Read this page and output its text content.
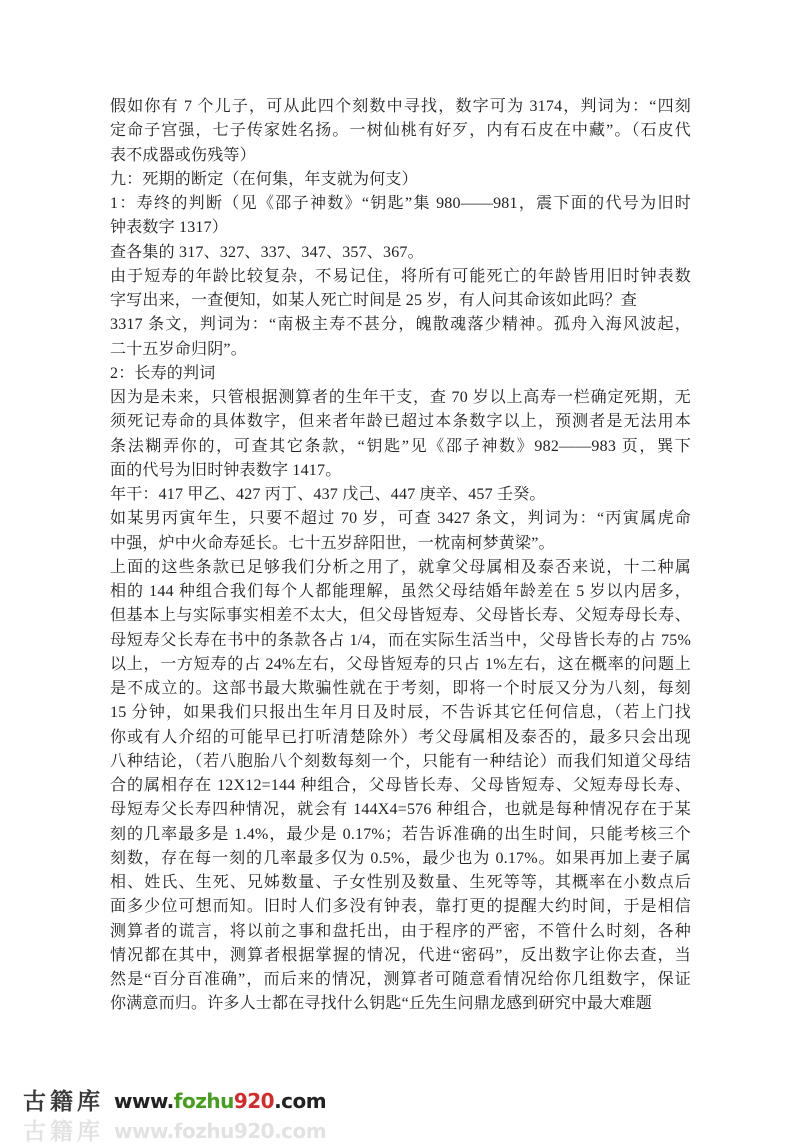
假如你有 7 个儿子，可从此四个刻数中寻找，数字可为 3174，判词为：“四刻
定命子宫强，七子传家姓名扬。一树仙桃有好歹，内有石皮在中藏”。（石皮代
表不成器或伤残等）
九：死期的断定（在何集，年支就为何支）
1：寿终的判断（见《邵子神数》“钥匙”集 980——981，震下面的代号为旧时
钟表数字 1317）
查各集的 317、327、337、347、357、367。
由于短寿的年龄比较复杂，不易记住，将所有可能死亡的年龄皆用旧时钟表数
字写出来，一查便知，如某人死亡时间是 25 岁，有人问其命该如此吗？查
3317 条文，判词为：“南极主寿不甚分，魄散魂落少精神。孤舟入海风波起，
二十五岁命归阴”。
2：长寿的判词
因为是未来，只管根据测算者的生年干支，查 70 岁以上高寿一栏确定死期，无
须死记寿命的具体数字，但来者年龄已超过本条数字以上，预测者是无法用本
条法糊弄你的，可查其它条款，“钥匙”见《邵子神数》982——983 页，巽下
面的代号为旧时钟表数字 1417。
年干：417 甲乙、427 丙丁、437 戊己、447 庚辛、457 壬癸。
如某男丙寅年生，只要不超过 70 岁，可查 3427 条文，判词为：“丙寅属虎命
中强，炉中火命寿延长。七十五岁辞阳世，一枕南柯梦黄梁”。
上面的这些条款已足够我们分析之用了，就拿父母属相及泰否来说，十二种属
相的 144 种组合我们每个人都能理解，虽然父母结婚年龄差在 5 岁以内居多，
但基本上与实际事实相差不太大，但父母皆短寿、父母皆长寿、父短寿母长寿、
母短寿父长寿在书中的条款各占 1/4，而在实际生活当中，父母皆长寿的占 75%
以上，一方短寿的占 24%左右，父母皆短寿的只占 1%左右，这在概率的问题上
是不成立的。这部书最大欺骗性就在于考刻，即将一个时辰又分为八刻，每刻
15 分钟，如果我们只报出生年月日及时辰，不告诉其它任何信息，（若上门找
你或有人介绍的可能早已打听清楚除外）考父母属相及泰否的，最多只会出现
八种结论，（若八胞胎八个刻数每刻一个，只能有一种结论）而我们知道父母结
合的属相存在 12X12=144 种组合，父母皆长寿、父母皆短寿、父短寿母长寿、
母短寿父长寿四种情况，就会有 144X4=576 种组合，也就是每种情况存在于某
刻的几率最多是 1.4%，最少是 0.17%；若告诉准确的出生时间，只能考核三个
刻数，存在每一刻的几率最多仅为 0.5%，最少也为 0.17%。如果再加上妻子属
相、姓氏、生死、兄姊数量、子女性别及数量、生死等等，其概率在小数点后
面多少位可想而知。旧时人们多没有钟表，靠打更的提醒大约时间，于是相信
测算者的谎言，将以前之事和盘托出，由于程序的严密，不管什么时刻，各种
情况都在其中，测算者根据掌握的情况，代进“密码”，反出数字让你去查，当
然是“百分百准确”，而后来的情况，测算者可随意看情况给你几组数字，保证
你满意而归。许多人士都在寻找什么钥匙“丘先生问鼎龙感到研究中最大难题
古籍库 www.fozhu920.com
古籍库 www.fozhu920.com
